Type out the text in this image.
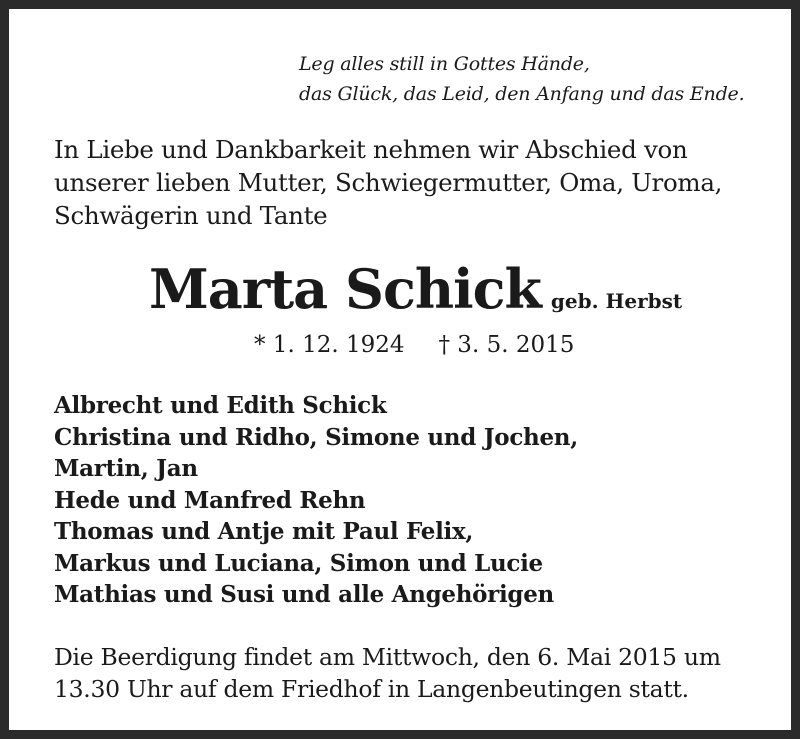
Leg alles still in Gottes Hände,
das Glück, das Leid, den Anfang und das Ende.
In Liebe und Dankbarkeit nehmen wir Abschied von
unserer lieben Mutter, Schwiegermutter, Oma, Uroma,
Schwägerin und Tante
Marta Schick geb. Herbst
* 1. 12. 1924 † 3. 5. 2015
Albrecht und Edith Schick
Christina und Ridho, Simone und Jochen,
Martin, Jan
Hede und Manfred Rehn
Thomas und Antje mit Paul Felix,
Markus und Luciana, Simon und Lucie
Mathias und Susi und alle Angehörigen
Die Beerdigung findet am Mittwoch, den 6. Mai 2015 um
13.30 Uhr auf dem Friedhof in Langenbeutingen statt.
